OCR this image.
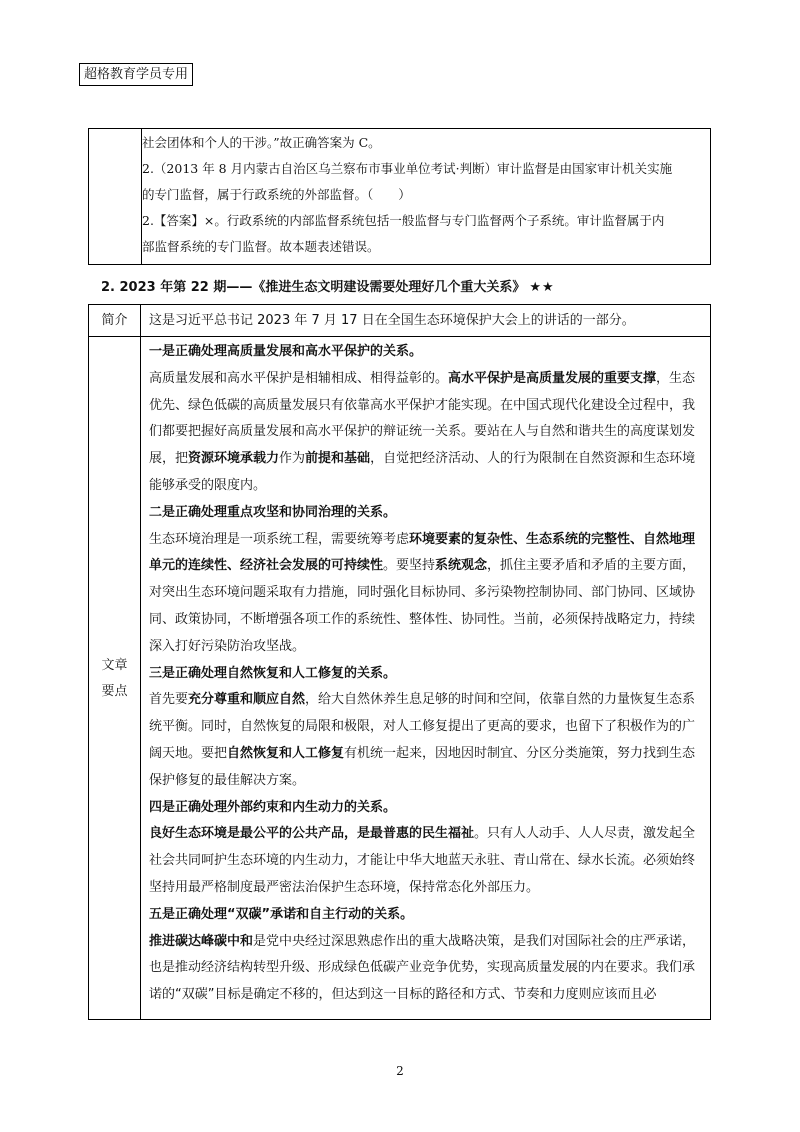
超格教育学员专用

社会团体和个人的干涉。”故正确答案为 C。

2.（2013 年 8 月内蒙古自治区乌兰察布市事业单位考试·判断）审计监督是由国家审计机关实施

的专门监督，属于行政系统的外部监督。（　　）

2.【答案】×。行政系统的内部监督系统包括一般监督与专门监督两个子系统。审计监督属于内

部监督系统的专门监督。故本题表述错误。

2. 2023 年第 22 期——《推进生态文明建设需要处理好几个重大关系》 ★★
简介	这是习近平总书记 2023 年 7 月 17 日在全国生态环境保护大会上的讲话的一部分。
文章
要点

一是正确处理高质量发展和高水平保护的关系。

高质量发展和高水平保护是相辅相成、相得益彰的。高水平保护是高质量发展的重要支撑，生态优先、绿色低碳的高质量发展只有依靠高水平保护才能实现。在中国式现代化建设全过程中，我们都要把握好高质量发展和高水平保护的辩证统一关系。要站在人与自然和谐共生的高度谋划发展，把资源环境承载力作为前提和基础，自觉把经济活动、人的行为限制在自然资源和生态环境能够承受的限度内。

二是正确处理重点攻坚和协同治理的关系。

生态环境治理是一项系统工程，需要统筹考虑环境要素的复杂性、生态系统的完整性、自然地理单元的连续性、经济社会发展的可持续性。要坚持系统观念，抓住主要矛盾和矛盾的主要方面，对突出生态环境问题采取有力措施，同时强化目标协同、多污染物控制协同、部门协同、区域协同、政策协同，不断增强各项工作的系统性、整体性、协同性。当前，必须保持战略定力，持续深入打好污染防治攻坚战。

三是正确处理自然恢复和人工修复的关系。

首先要充分尊重和顺应自然，给大自然休养生息足够的时间和空间，依靠自然的力量恢复生态系统平衡。同时，自然恢复的局限和极限，对人工修复提出了更高的要求，也留下了积极作为的广阔天地。要把自然恢复和人工修复有机统一起来，因地因时制宜、分区分类施策，努力找到生态保护修复的最佳解决方案。

四是正确处理外部约束和内生动力的关系。

良好生态环境是最公平的公共产品，是最普惠的民生福祉。只有人人动手、人人尽责，激发起全社会共同呵护生态环境的内生动力，才能让中华大地蓝天永驻、青山常在、绿水长流。必须始终坚持用最严格制度最严密法治保护生态环境，保持常态化外部压力。

五是正确处理“双碳”承诺和自主行动的关系。

推进碳达峰碳中和是党中央经过深思熟虑作出的重大战略决策，是我们对国际社会的庄严承诺，也是推动经济结构转型升级、形成绿色低碳产业竞争优势，实现高质量发展的内在要求。我们承诺的“双碳”目标是确定不移的，但达到这一目标的路径和方式、节奏和力度则应该而且必

2
